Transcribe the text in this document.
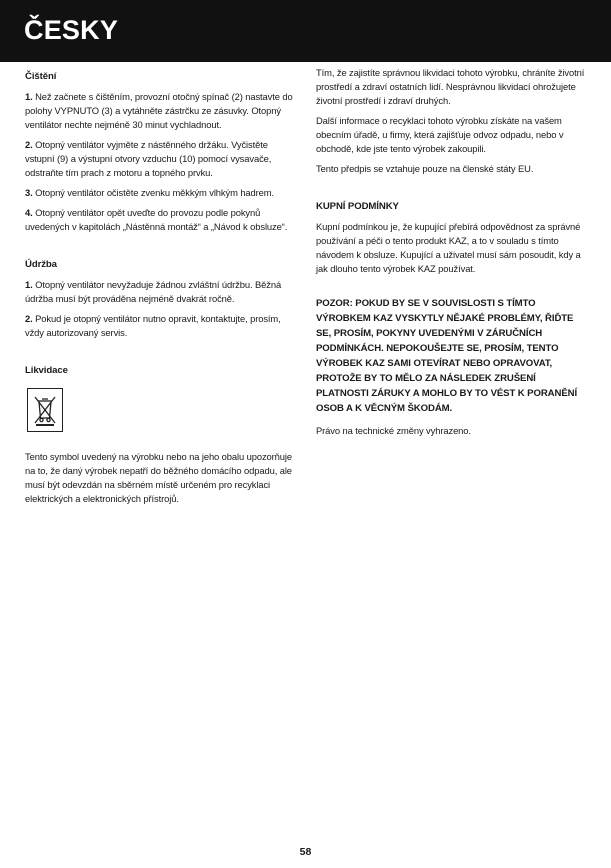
ČESKY
Čištění

1. Než začnete s čištěním, provozní otočný spínač (2) nastavte do polohy VYPNUTO (3) a vytáhněte zástrčku ze zásuvky. Otopný ventilátor nechte nejméně 30 minut vychladnout.

2. Otopný ventilátor vyjměte z nástěnného držáku. Vyčistěte vstupní (9) a výstupní otvory vzduchu (10) pomocí vysavače, odstraňte tím prach z motoru a topného prvku.

3. Otopný ventilátor očistěte zvenku měkkým vlhkým hadrem.

4. Otopný ventilátor opět uveďte do provozu podle pokynů uvedených v kapitolách „Nástěnná montáž“ a „Návod k obsluze“.

Údržba

1. Otopný ventilátor nevyžaduje žádnou zvláštní údržbu. Běžná údržba musí být prováděna nejméně dvakrát ročně.

2. Pokud je otopný ventilátor nutno opravit, kontaktujte, prosím, vždy autorizovaný servis.

Likvidace

Tento symbol uvedený na výrobku nebo na jeho obalu upozorňuje na to, že daný výrobek nepatří do běžného domácího odpadu, ale musí být odevzdán na sběrném místě určeném pro recyklaci elektrických a elektronických přístrojů.

Tím, že zajistíte správnou likvidaci tohoto výrobku, chráníte životní prostředí a zdraví ostatních lidí. Nesprávnou likvidací ohrožujete životní prostředí i zdraví druhých.

Další informace o recyklaci tohoto výrobku získáte na vašem obecním úřadě, u firmy, která zajišťuje odvoz odpadu, nebo v obchodě, kde jste tento výrobek zakoupili.

Tento předpis se vztahuje pouze na členské státy EU.

KUPNÍ PODMÍNKY

Kupní podmínkou je, že kupující přebírá odpovědnost za správné používání a péči o tento produkt KAZ, a to v souladu s tímto návodem k obsluze. Kupující a uživatel musí sám posoudit, kdy a jak dlouho tento výrobek KAZ používat.

POZOR: POKUD BY SE V SOUVISLOSTI S TÍMTO VÝROBKEM KAZ VYSKYTLY NĚJAKÉ PROBLÉMY, ŘIĎTE SE, PROSÍM, POKYNY UVEDENÝMI V ZÁRUČNÍCH PODMÍNKÁCH. NEPOKOUŠEJTE SE, PROSÍM, TENTO VÝROBEK KAZ SAMI OTEVÍRAT NEBO OPRAVOVAT, PROTOŽE BY TO MĚLO ZA NÁSLEDEK ZRUŠENÍ PLATNOSTI ZÁRUKY A MOHLO BY TO VÉST K PORANĚNÍ OSOB A K VĚCNÝM ŠKODÁM.

Právo na technické změny vyhrazeno.

58
